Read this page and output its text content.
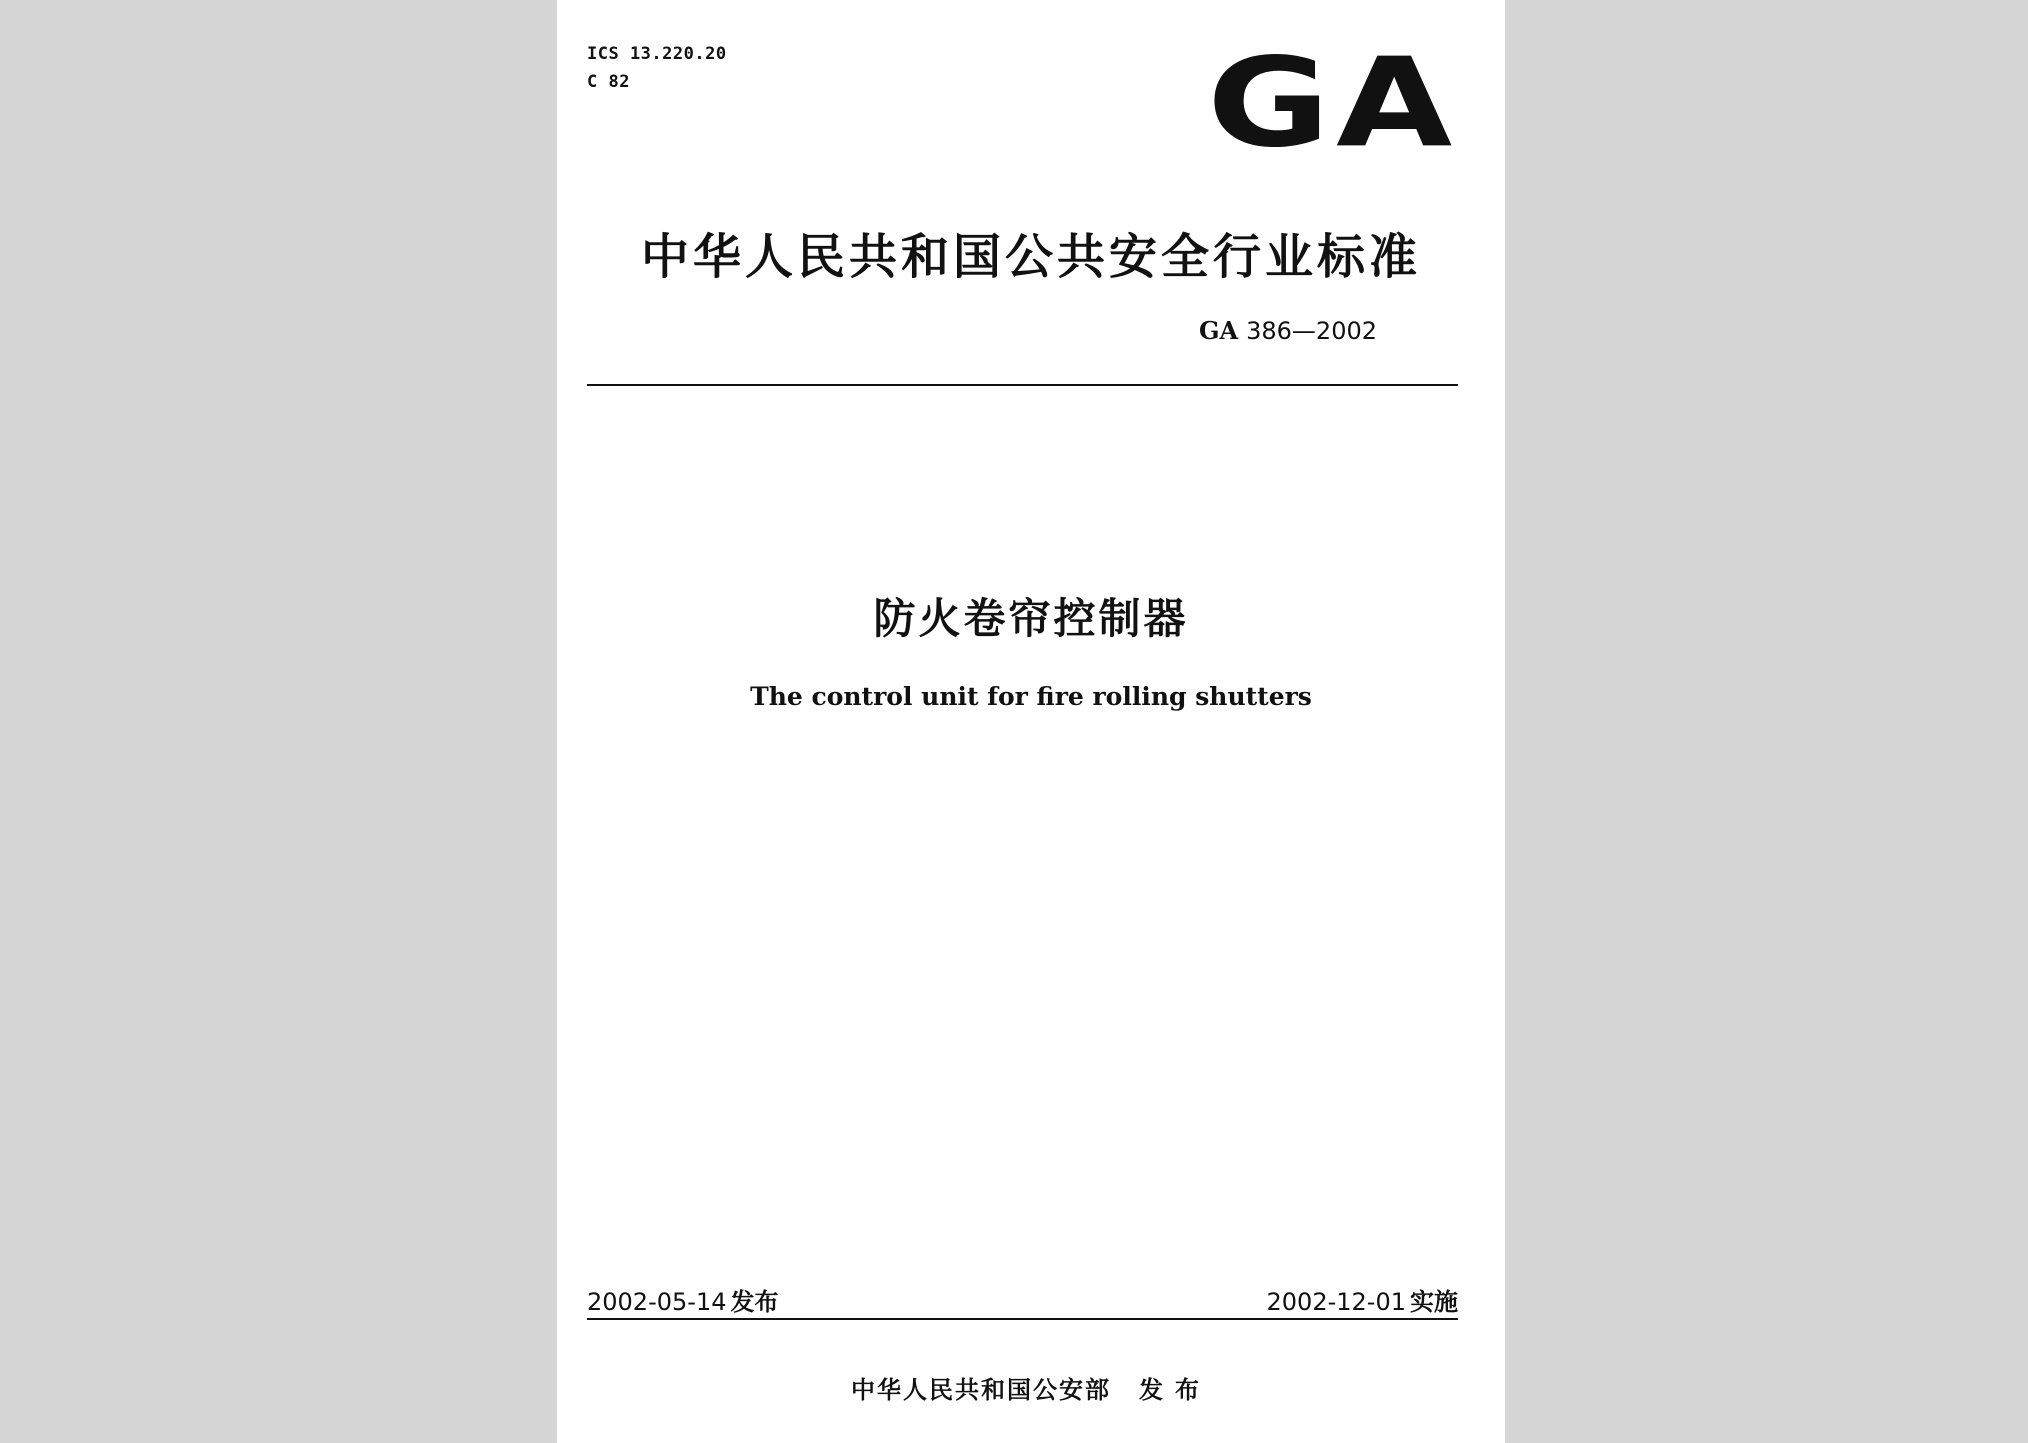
ICS 13.220.20
C 82	GA
中华人民共和国公共安全行业标准
GA 386—2002
防火卷帘控制器
The control unit for fire rolling shutters
2002-05-14 发布	2002-12-01 实施
中华人民共和国公安部 发布
